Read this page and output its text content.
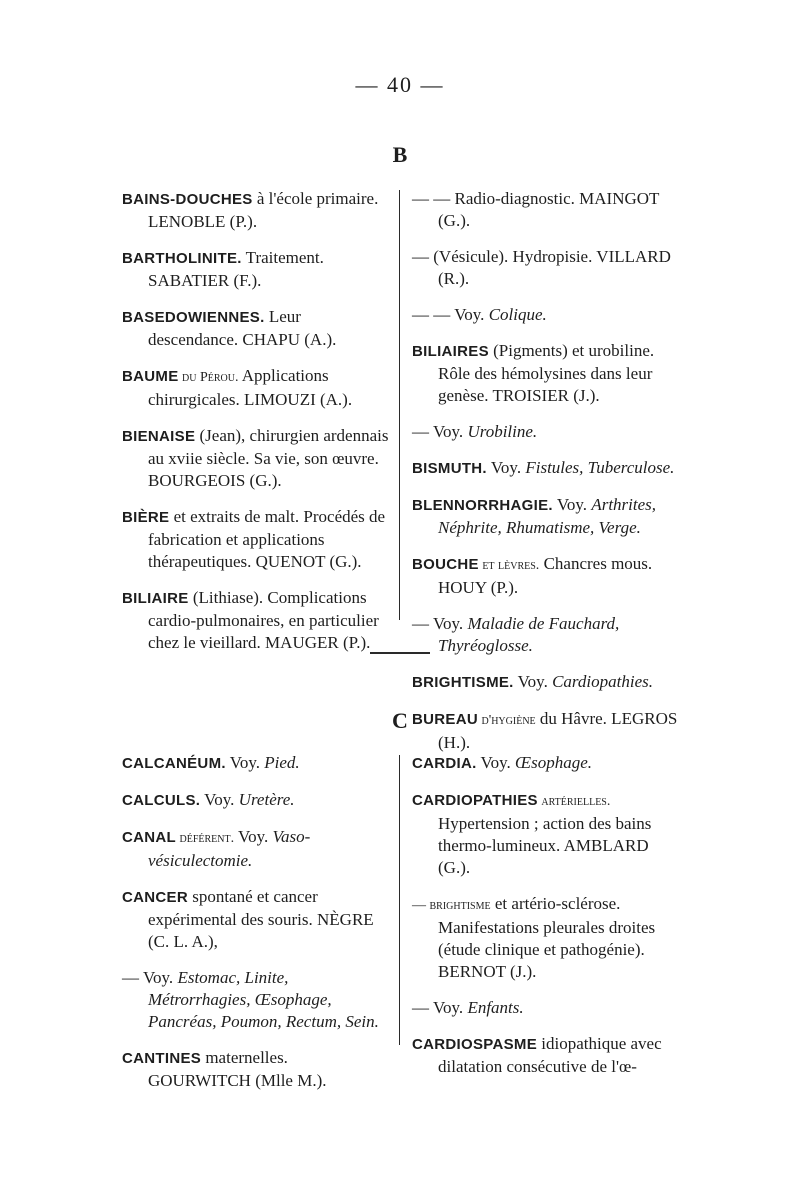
— 40 —
B
BAINS-DOUCHES à l'école primaire. LENOBLE (P.).
BARTHOLINITE. Traitement. SABATIER (F.).
BASEDOWIENNES. Leur descendance. CHAPU (A.).
BAUME du Pérou. Applications chirurgicales. LIMOUZI (A.).
BIENAISE (Jean), chirurgien ardennais au xviie siècle. Sa vie, son œuvre. BOURGEOIS (G.).
BIÈRE et extraits de malt. Procédés de fabrication et applications thérapeutiques. QUENOT (G.).
BILIAIRE (Lithiase). Complications cardio-pulmonaires, en particulier chez le vieillard. MAUGER (P.).
— — Radio-diagnostic. MAINGOT (G.).
— (Vésicule). Hydropisie. VILLARD (R.).
— — Voy. Colique.
BILIAIRES (Pigments) et urobiline. Rôle des hémolysines dans leur genèse. TROISIER (J.).
— Voy. Urobiline.
BISMUTH. Voy. Fistules, Tuberculose.
BLENNORRHAGIE. Voy. Arthrites, Néphrite, Rhumatisme, Verge.
BOUCHE et lèvres. Chancres mous. HOUY (P.).
— Voy. Maladie de Fauchard, Thyréoglosse.
BRIGHTISME. Voy. Cardiopathies.
BUREAU d'hygiène du Hâvre. LEGROS (H.).
C
CALCANÉUM. Voy. Pied.
CALCULS. Voy. Uretère.
CANAL déférent. Voy. Vaso-vésiculectomie.
CANCER spontané et cancer expérimental des souris. NÈGRE (C. L. A.),
— Voy. Estomac, Linite, Métrorrhagies, Œsophage, Pancréas, Poumon, Rectum, Sein.
CANTINES maternelles. GOURWITCH (Mlle M.).
CARDIA. Voy. Œsophage.
CARDIOPATHIES artérielles. Hypertension ; action des bains thermo-lumineux. AMBLARD (G.).
— brightisme et artério-sclérose. Manifestations pleurales droites (étude clinique et pathogénie). BERNOT (J.).
— Voy. Enfants.
CARDIOSPASME idiopathique avec dilatation consécutive de l'œ-
